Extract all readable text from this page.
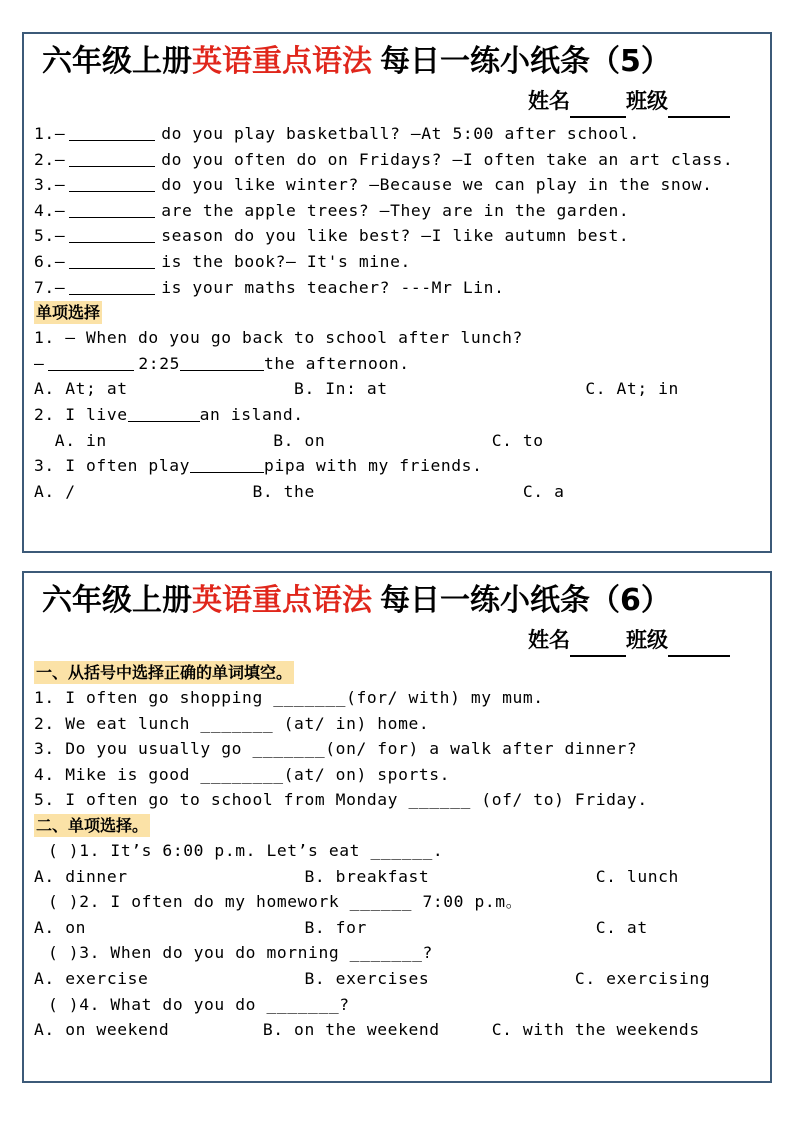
六年级上册英语重点语法 每日一练小纸条（5）
姓名	班级
1.–	do you play basketball? –At 5:00 after school.
2.–	do you often do on Fridays? –I often take an art class.
3.–	do you like winter? —Because we can play in the snow.
4.–	are the apple trees? —They are in the garden.
5.–	season do you like best? –I like autumn best.
6.–	is the book?– It's mine.
7.–	is your maths teacher? ---Mr Lin.
单项选择
1. – When do you go back to school after lunch?
–	2:25	the afternoon.
A. At; at                B. In: at                   C. At; in
2. I live	an island.
A. in                B. on                C. to
3. I often play	pipa with my friends.
A. /                 B. the                    C. a
六年级上册英语重点语法 每日一练小纸条（6）
姓名	班级
一、从括号中选择正确的单词填空。
1. I often go shopping _______(for/ with) my mum.
2. We eat lunch _______ (at/ in) home.
3. Do you usually go _______(on/ for) a walk after dinner?
4. Mike is good ________(at/ on) sports.
5. I often go to school from Monday ______ (of/ to) Friday.
二、单项选择。
( )1. It’s 6:00 p.m. Let’s eat ______.
A. dinner                 B. breakfast                C. lunch
( )2. I often do my homework ______ 7:00 p.m。
A. on                     B. for                      C. at
( )3. When do you do morning _______?
A. exercise               B. exercises              C. exercising
( )4. What do you do _______?
A. on weekend         B. on the weekend     C. with the weekends
